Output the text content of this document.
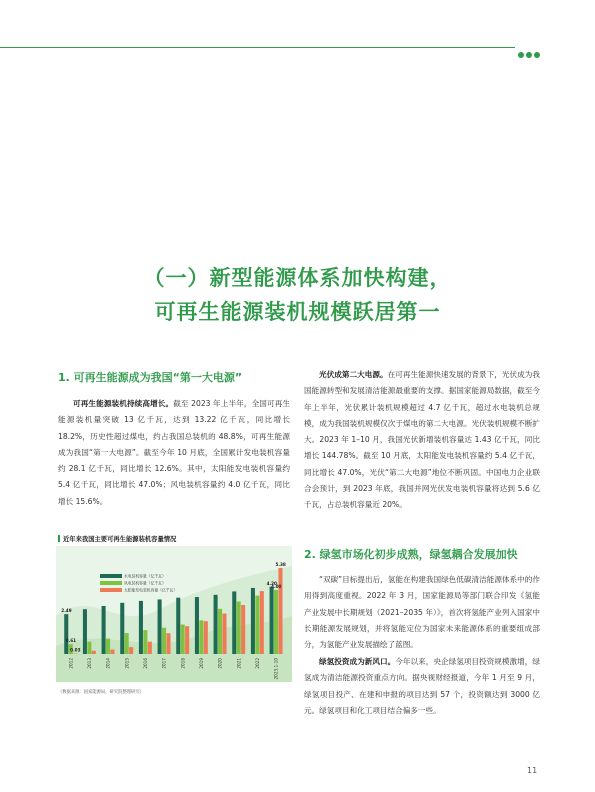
（一）新型能源体系加快构建，
可再生能源装机规模跃居第一
1. 可再生能源成为我国“第一大电源”
可再生能源装机持续高增长。截至 2023 年上半年，全国可再生能源装机量突破 13 亿千瓦，达到 13.22 亿千瓦，同比增长 18.2%，历史性超过煤电，约占我国总装机的 48.8%，可再生能源成为我国“第一大电源”。截至今年 10 月底，全国累计发电装机容量约 28.1 亿千瓦，同比增长 12.6%。其中，太阳能发电装机容量约 5.4 亿千瓦，同比增长 47.0%；风电装机容量约 4.0 亿千瓦，同比增长 15.6%。
近年来我国主要可再生能源装机容量情况
2012	2013	2014	2015	2016	2017	2018	2019	2020	2021	2022	2023.1-10
水电装机容量（亿千瓦）
风电装机容量（亿千瓦）
太阳能发电装机容量（亿千瓦）
2.49
0.61
0.03
4.20
4.00
5.38
（数据来源：国家能源局，研究院整理研究）
光伏成第二大电源。在可再生能源快速发展的背景下，光伏成为我国能源转型和发展清洁能源最重要的支撑。据国家能源局数据，截至今年上半年，光伏累计装机规模超过 4.7 亿千瓦，超过水电装机总规模，成为我国装机规模仅次于煤电的第二大电源。光伏装机规模不断扩大。2023 年 1–10 月，我国光伏新增装机容量达 1.43 亿千瓦，同比增长 144.78%。截至 10 月底，太阳能发电装机容量约 5.4 亿千瓦，同比增长 47.0%，光伏“第二大电源”地位不断巩固。中国电力企业联合会预计，到 2023 年底，我国并网光伏发电装机容量将达到 5.6 亿千瓦，占总装机容量近 20%。
2. 绿氢市场化初步成熟，绿氢耦合发展加快
“双碳”目标提出后，氢能在构建我国绿色低碳清洁能源体系中的作用得到高度重视。2022 年 3 月，国家能源局等部门联合印发《氢能产业发展中长期规划（2021–2035 年）》，首次将氢能产业列入国家中长期能源发展规划，并将氢能定位为国家未来能源体系的重要组成部分，为氢能产业发展描绘了蓝图。
绿氢投资成为新风口。今年以来，央企绿氢项目投资规模激增，绿氢成为清洁能源投资重点方向。据央视财经报道，今年 1 月至 9 月，绿氢项目投产、在建和申报的项目达到 57 个，投资额达到 3000 亿元。绿氢项目和化工项目结合偏多一些。
11
